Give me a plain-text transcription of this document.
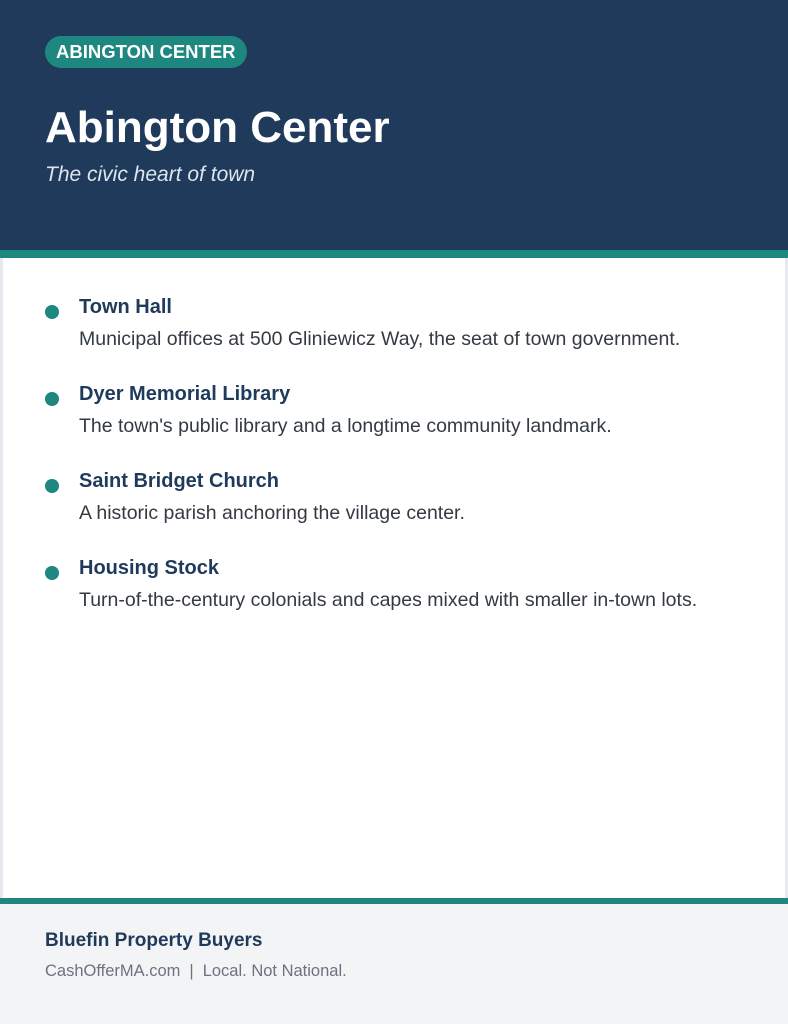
ABINGTON CENTER
Abington Center
The civic heart of town
Town Hall
Municipal offices at 500 Gliniewicz Way, the seat of town government.
Dyer Memorial Library
The town's public library and a longtime community landmark.
Saint Bridget Church
A historic parish anchoring the village center.
Housing Stock
Turn-of-the-century colonials and capes mixed with smaller in-town lots.
Bluefin Property Buyers
CashOfferMA.com | Local. Not National.
